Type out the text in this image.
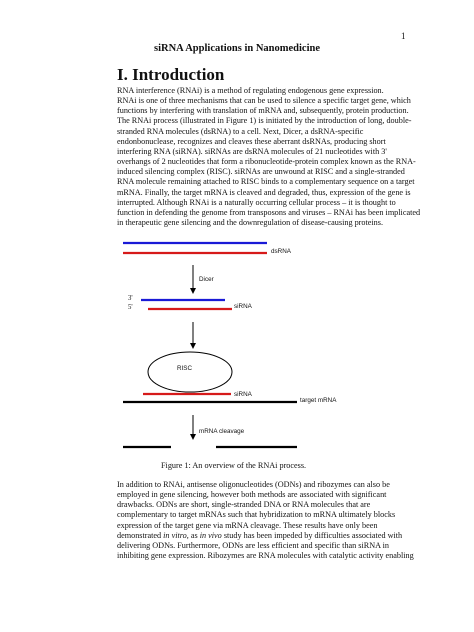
1
siRNA Applications in Nanomedicine
I. Introduction
RNA interference (RNAi) is a method of regulating endogenous gene expression.
RNAi is one of three mechanisms that can be used to silence a specific target gene, which
functions by interfering with translation of mRNA and, subsequently, protein production.
The RNAi process (illustrated in Figure 1) is initiated by the introduction of long, double-
stranded RNA molecules (dsRNA) to a cell. Next, Dicer, a dsRNA-specific
endonbonuclease, recognizes and cleaves these aberrant dsRNAs, producing short
interfering RNA (siRNA). siRNAs are dsRNA molecules of 21 nucleotides with 3'
overhangs of 2 nucleotides that form a ribonucleotide-protein complex known as the RNA-
induced silencing complex (RISC). siRNAs are unwound at RISC and a single-stranded
RNA molecule remaining attached to RISC binds to a complementary sequence on a target
mRNA. Finally, the target mRNA is cleaved and degraded, thus, expression of the gene is
interrupted. Although RNAi is a naturally occurring cellular process – it is thought to
function in defending the genome from transposons and viruses – RNAi has been implicated
in therapeutic gene silencing and the downregulation of disease-causing proteins.
dsRNA
Dicer
3'
5'	siRNA
RISC
siRNA
target mRNA
mRNA cleavage
Figure 1: An overview of the RNAi process.
In addition to RNAi, antisense oligonucleotides (ODNs) and ribozymes can also be
employed in gene silencing, however both methods are associated with significant
drawbacks. ODNs are short, single-stranded DNA or RNA molecules that are
complementary to target mRNAs such that hybridization to mRNA ultimately blocks
expression of the target gene via mRNA cleavage. These results have only been
demonstrated in vitro, as in vivo study has been impeded by difficulties associated with
delivering ODNs. Furthermore, ODNs are less efficient and specific than siRNA in
inhibiting gene expression. Ribozymes are RNA molecules with catalytic activity enabling
